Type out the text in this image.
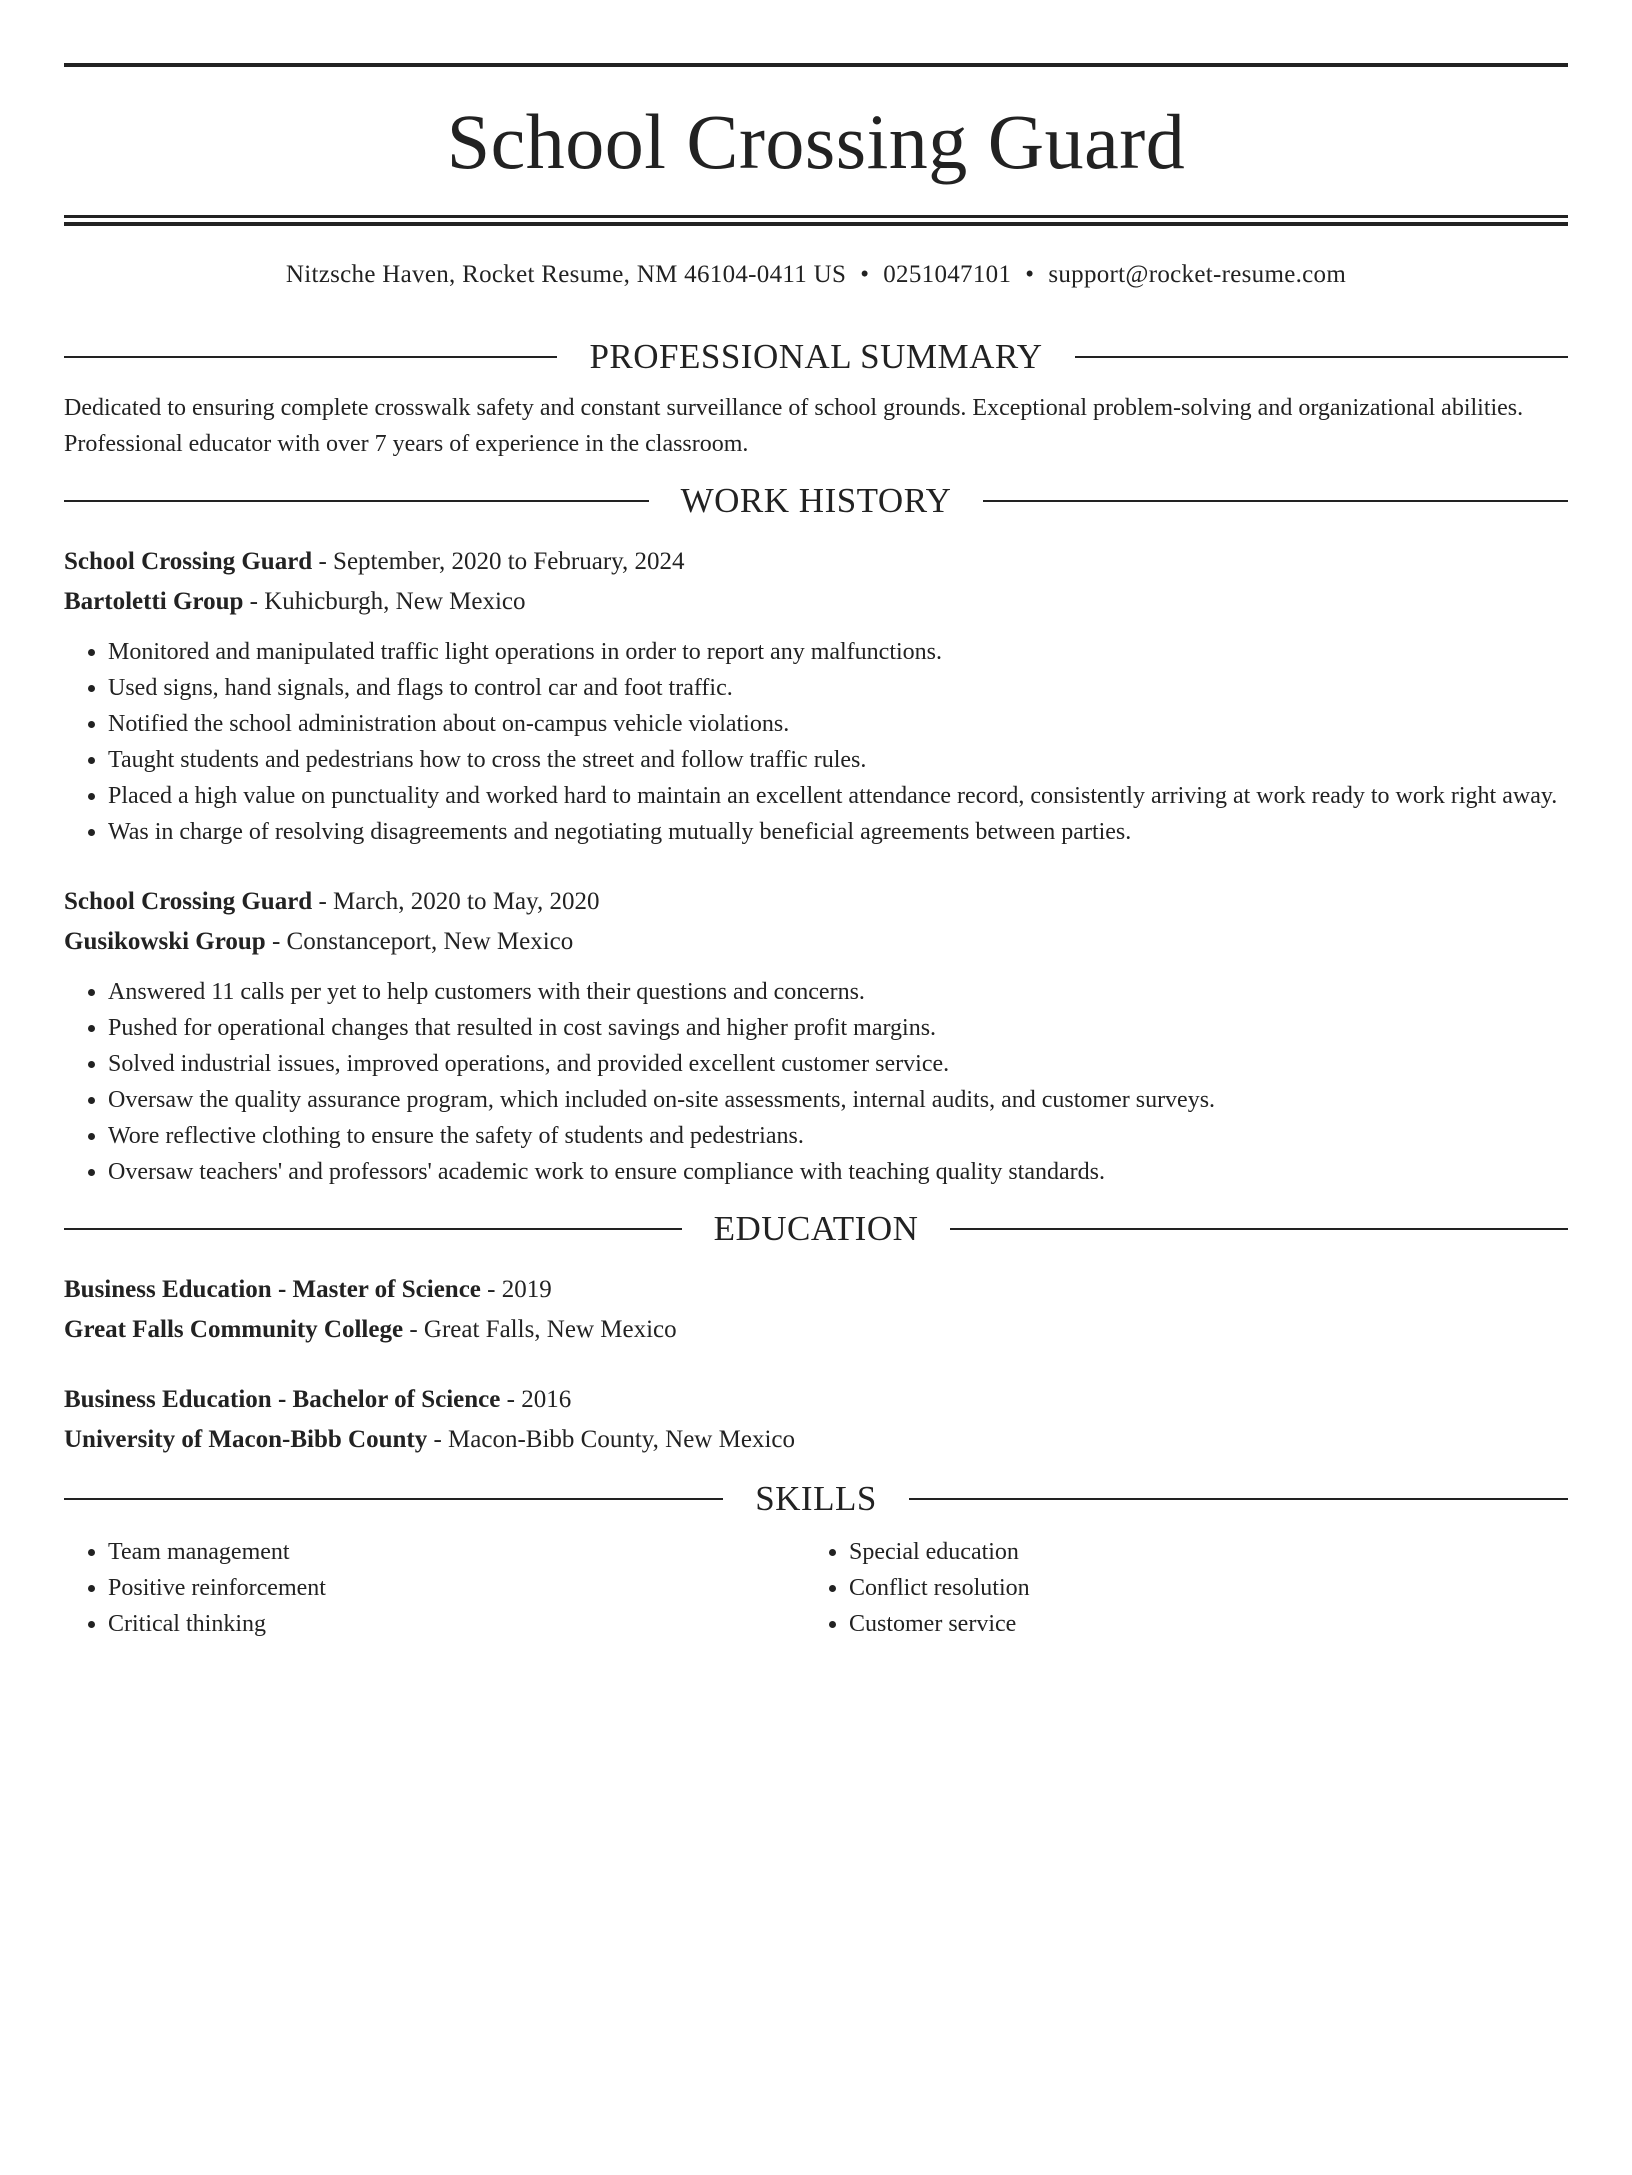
School Crossing Guard
Nitzsche Haven, Rocket Resume, NM 46104-0411 US • 0251047101 • support@rocket-resume.com
PROFESSIONAL SUMMARY
Dedicated to ensuring complete crosswalk safety and constant surveillance of school grounds. Exceptional problem-solving and organizational abilities. Professional educator with over 7 years of experience in the classroom.
WORK HISTORY
School Crossing Guard - September, 2020 to February, 2024
Bartoletti Group - Kuhicburgh, New Mexico
• Monitored and manipulated traffic light operations in order to report any malfunctions.
• Used signs, hand signals, and flags to control car and foot traffic.
• Notified the school administration about on-campus vehicle violations.
• Taught students and pedestrians how to cross the street and follow traffic rules.
• Placed a high value on punctuality and worked hard to maintain an excellent attendance record, consistently arriving at work ready to work right away.
• Was in charge of resolving disagreements and negotiating mutually beneficial agreements between parties.
School Crossing Guard - March, 2020 to May, 2020
Gusikowski Group - Constanceport, New Mexico
• Answered 11 calls per yet to help customers with their questions and concerns.
• Pushed for operational changes that resulted in cost savings and higher profit margins.
• Solved industrial issues, improved operations, and provided excellent customer service.
• Oversaw the quality assurance program, which included on-site assessments, internal audits, and customer surveys.
• Wore reflective clothing to ensure the safety of students and pedestrians.
• Oversaw teachers' and professors' academic work to ensure compliance with teaching quality standards.
EDUCATION
Business Education - Master of Science - 2019
Great Falls Community College - Great Falls, New Mexico
Business Education - Bachelor of Science - 2016
University of Macon-Bibb County - Macon-Bibb County, New Mexico
SKILLS
• Team management
• Positive reinforcement
• Critical thinking
• Special education
• Conflict resolution
• Customer service
